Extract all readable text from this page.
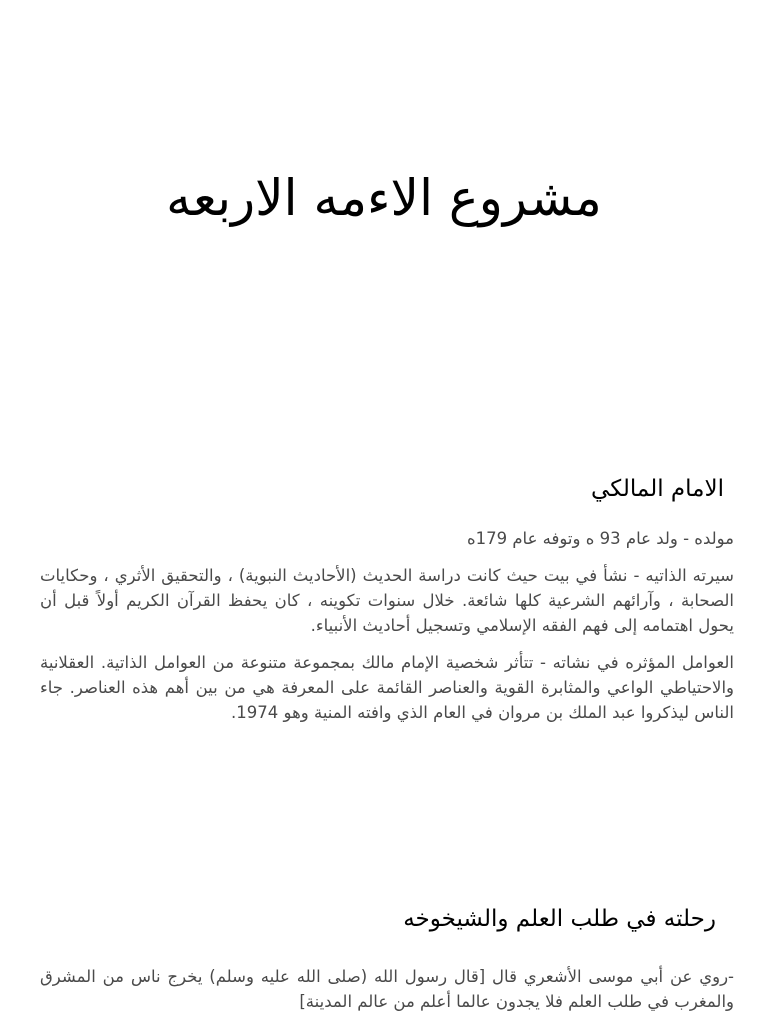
مشروع الاءمه الاربعه
الامام المالكي

مولده - ولد عام 93 ه وتوفه عام 179ه

سيرته الذاتيه - نشأ في بيت حيث كانت دراسة الحديث (الأحاديث النبوية) ، والتحقيق الأثري ، وحكايات الصحابة ، وآرائهم الشرعية كلها شائعة. خلال سنوات تكوينه ، كان يحفظ القرآن الكريم أولاً قبل أن يحول اهتمامه إلى فهم الفقه الإسلامي وتسجيل أحاديث الأنبياء.

العوامل المؤثره في نشاته - تتأثر شخصية الإمام مالك بمجموعة متنوعة من العوامل الذاتية. العقلانية والاحتياطي الواعي والمثابرة القوية والعناصر القائمة على المعرفة هي من بين أهم هذه العناصر. جاء الناس ليذكروا عبد الملك بن مروان في العام الذي وافته المنية وهو 1974.

رحلته في طلب العلم والشيخوخه

-روي عن أبي موسى الأشعري قال [قال رسول الله (صلى الله عليه وسلم) يخرج ناس من المشرق والمغرب في طلب العلم فلا يجدون عالما أعلم من عالم المدينة]
